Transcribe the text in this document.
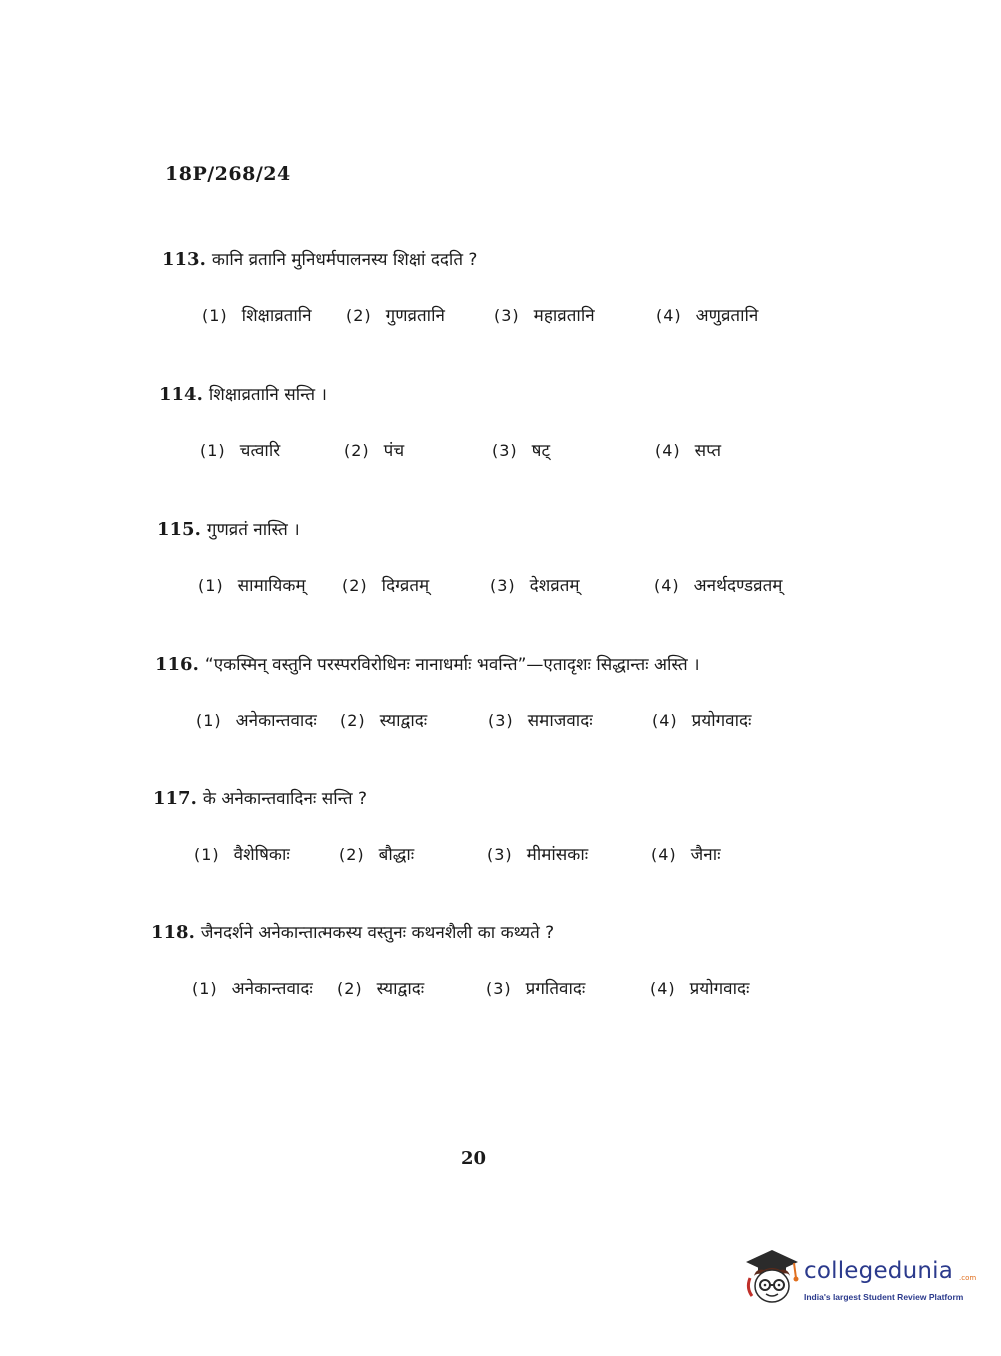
18P/268/24
113. कानि व्रतानि मुनिधर्मपालनस्य शिक्षां ददति ?
(1) शिक्षाव्रतानि (2) गुणव्रतानि	(3) महाव्रतानि	(4) अणुव्रतानि
114. शिक्षाव्रतानि सन्ति ।
(1) चत्वारि	(2) पंच	(3) षट्	(4) सप्त
115. गुणव्रतं नास्ति ।
(1) सामायिकम् (2) दिग्व्रतम्	(3) देशव्रतम्	(4) अनर्थदण्डव्रतम्
116. “एकस्मिन् वस्तुनि परस्परविरोधिनः नानाधर्माः भवन्ति”—एतादृशः सिद्धान्तः अस्ति ।
(1) अनेकान्तवादः (2) स्याद्वादः	(3) समाजवादः	(4) प्रयोगवादः
117. के अनेकान्तवादिनः सन्ति ?
(1) वैशेषिकाः	(2) बौद्धाः	(3) मीमांसकाः	(4) जैनाः
118. जैनदर्शने अनेकान्तात्मकस्य वस्तुनः कथनशैली का कथ्यते ?
(1) अनेकान्तवादः (2) स्याद्वादः	(3) प्रगतिवादः	(4) प्रयोगवादः
20
collegedunia .com
India's largest Student Review Platform
